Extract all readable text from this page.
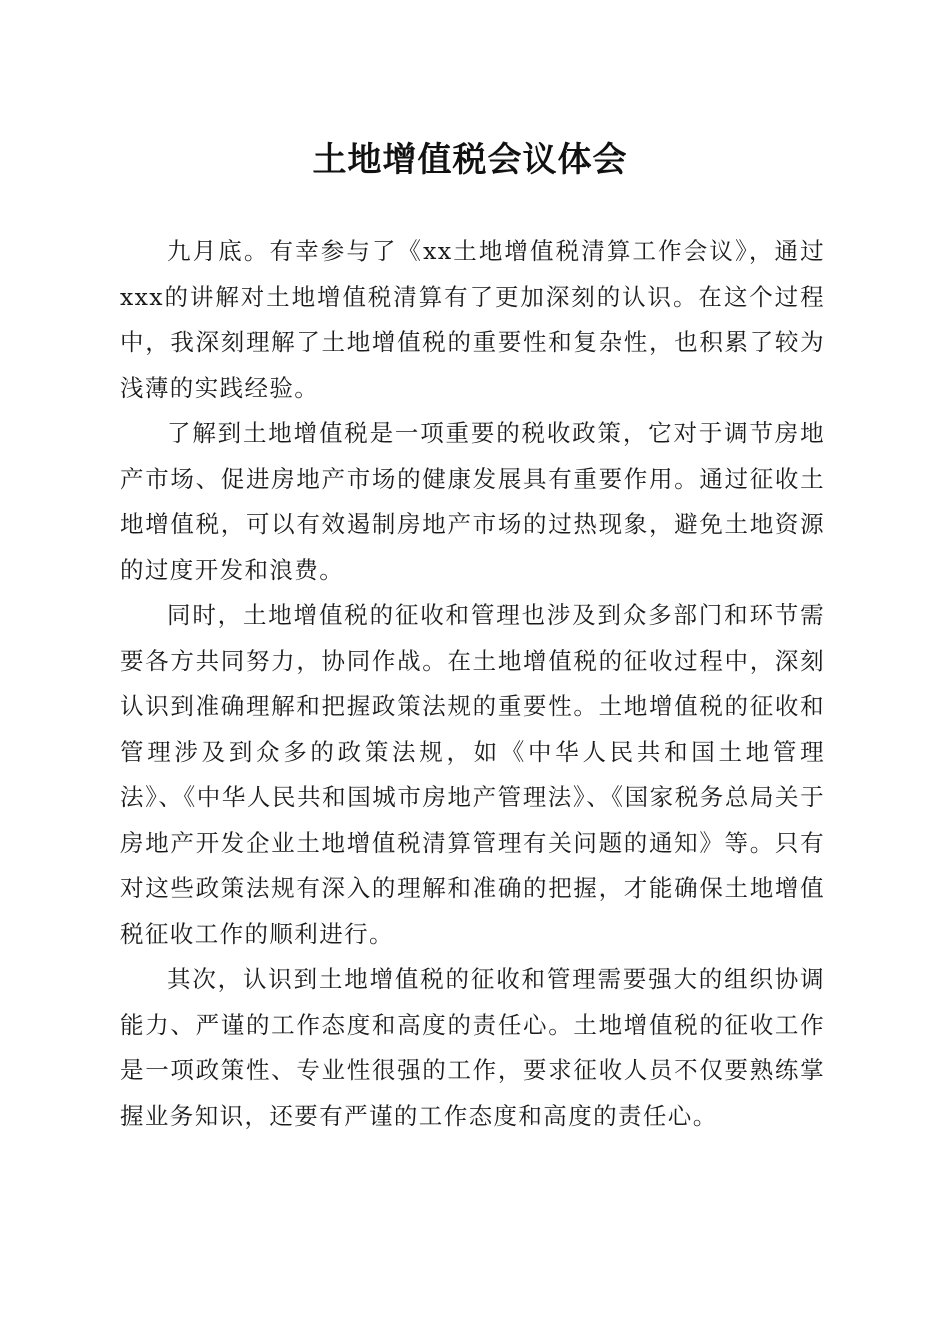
土地增值税会议体会

九月底。有幸参与了《xx土地增值税清算工作会议》，通过xxx的讲解对土地增值税清算有了更加深刻的认识。在这个过程中，我深刻理解了土地增值税的重要性和复杂性，也积累了较为浅薄的实践经验。

了解到土地增值税是一项重要的税收政策，它对于调节房地产市场、促进房地产市场的健康发展具有重要作用。通过征收土地增值税，可以有效遏制房地产市场的过热现象，避免土地资源的过度开发和浪费。

同时，土地增值税的征收和管理也涉及到众多部门和环节需要各方共同努力，协同作战。在土地增值税的征收过程中，深刻认识到准确理解和把握政策法规的重要性。土地增值税的征收和管理涉及到众多的政策法规，如《中华人民共和国土地管理法》、《中华人民共和国城市房地产管理法》、《国家税务总局关于房地产开发企业土地增值税清算管理有关问题的通知》等。只有对这些政策法规有深入的理解和准确的把握，才能确保土地增值税征收工作的顺利进行。

其次，认识到土地增值税的征收和管理需要强大的组织协调能力、严谨的工作态度和高度的责任心。土地增值税的征收工作是一项政策性、专业性很强的工作，要求征收人员不仅要熟练掌握业务知识，还要有严谨的工作态度和高度的责任心。
